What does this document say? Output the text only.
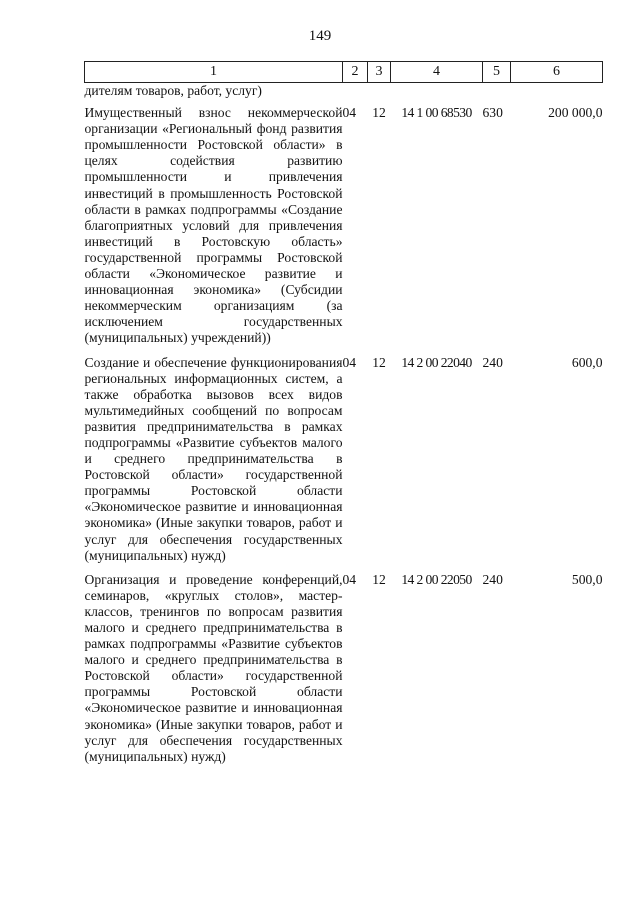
149
1	2	3	4	5	6
дителям товаров, работ, услуг)					
Имущественный взнос некоммерческой организации «Региональный фонд развития промышленности Ростовской области» в целях содействия развитию промышленности и привлечения инвестиций в промышленность Ростовской области в рамках подпрограммы «Создание благоприятных условий для привлечения инвестиций в Ростовскую область» государственной программы Ростовской области «Экономическое развитие и инновационная экономика» (Субсидии некоммерческим организациям (за исключением государственных (муниципальных) учреждений))	04	12	14 1 00 68530	630	200 000,0
Создание и обеспечение функционирования региональных информационных систем, а также обработка вызовов всех видов мультимедийных сообщений по вопросам развития предпринимательства в рамках подпрограммы «Развитие субъектов малого и среднего предпринимательства в Ростовской области» государственной программы Ростовской области «Экономическое развитие и инновационная экономика» (Иные закупки товаров, работ и услуг для обеспечения государственных (муниципальных) нужд)	04	12	14 2 00 22040	240	600,0
Организация и проведение конференций, семинаров, «круглых столов», мастер-классов, тренингов по вопросам развития малого и среднего предпринимательства в рамках подпрограммы «Развитие субъектов малого и среднего предпринимательства в Ростовской области» государственной программы Ростовской области «Экономическое развитие и инновационная экономика» (Иные закупки товаров, работ и услуг для обеспечения государственных (муниципальных) нужд)	04	12	14 2 00 22050	240	500,0
